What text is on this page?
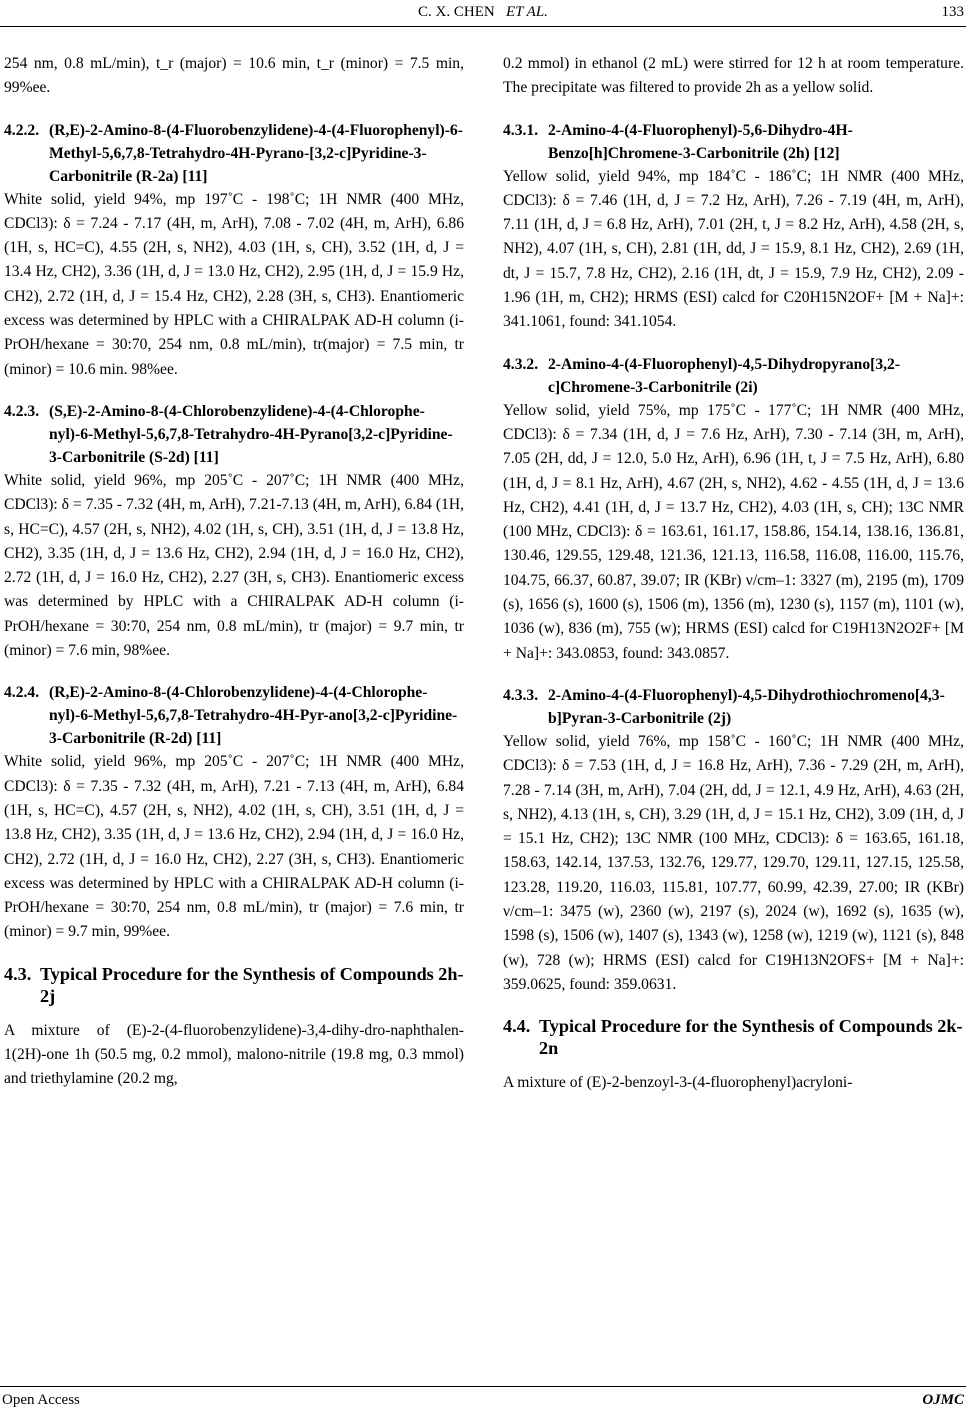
C. X. CHEN ET AL.	133

254 nm, 0.8 mL/min), t_r (major) = 10.6 min, t_r (minor) = 7.5 min, 99%ee.

4.2.2. (R,E)-2-Amino-8-(4-Fluorobenzylidene)-4-(4-Fluorophenyl)-6-Methyl-5,6,7,8-Tetrahydro-4H-Pyrano-[3,2-c]Pyridine-3-Carbonitrile (R-2a) [11]

White solid, yield 94%, mp 197˚C - 198˚C; 1H NMR (400 MHz, CDCl3): δ = 7.24 - 7.17 (4H, m, ArH), 7.08 - 7.02 (4H, m, ArH), 6.86 (1H, s, HC=C), 4.55 (2H, s, NH2), 4.03 (1H, s, CH), 3.52 (1H, d, J = 13.4 Hz, CH2), 3.36 (1H, d, J = 13.0 Hz, CH2), 2.95 (1H, d, J = 15.9 Hz, CH2), 2.72 (1H, d, J = 15.4 Hz, CH2), 2.28 (3H, s, CH3). Enantiomeric excess was determined by HPLC with a CHIRALPAK AD-H column (i-PrOH/hexane = 30:70, 254 nm, 0.8 mL/min), tr(major) = 7.5 min, tr (minor) = 10.6 min. 98%ee.

4.2.3. (S,E)-2-Amino-8-(4-Chlorobenzylidene)-4-(4-Chlorophe-nyl)-6-Methyl-5,6,7,8-Tetrahydro-4H-Pyrano[3,2-c]Pyridine-3-Carbonitrile (S-2d) [11]

White solid, yield 96%, mp 205˚C - 207˚C; 1H NMR (400 MHz, CDCl3): δ = 7.35 - 7.32 (4H, m, ArH), 7.21-7.13 (4H, m, ArH), 6.84 (1H, s, HC=C), 4.57 (2H, s, NH2), 4.02 (1H, s, CH), 3.51 (1H, d, J = 13.8 Hz, CH2), 3.35 (1H, d, J = 13.6 Hz, CH2), 2.94 (1H, d, J = 16.0 Hz, CH2), 2.72 (1H, d, J = 16.0 Hz, CH2), 2.27 (3H, s, CH3). Enantiomeric excess was determined by HPLC with a CHIRALPAK AD-H column (i-PrOH/hexane = 30:70, 254 nm, 0.8 mL/min), tr (major) = 9.7 min, tr (minor) = 7.6 min, 98%ee.

4.2.4. (R,E)-2-Amino-8-(4-Chlorobenzylidene)-4-(4-Chlorophe-nyl)-6-Methyl-5,6,7,8-Tetrahydro-4H-Pyr-ano[3,2-c]Pyridine-3-Carbonitrile (R-2d) [11]

White solid, yield 96%, mp 205˚C - 207˚C; 1H NMR (400 MHz, CDCl3): δ = 7.35 - 7.32 (4H, m, ArH), 7.21 - 7.13 (4H, m, ArH), 6.84 (1H, s, HC=C), 4.57 (2H, s, NH2), 4.02 (1H, s, CH), 3.51 (1H, d, J = 13.8 Hz, CH2), 3.35 (1H, d, J = 13.6 Hz, CH2), 2.94 (1H, d, J = 16.0 Hz, CH2), 2.72 (1H, d, J = 16.0 Hz, CH2), 2.27 (3H, s, CH3). Enantiomeric excess was determined by HPLC with a CHIRALPAK AD-H column (i-PrOH/hexane = 30:70, 254 nm, 0.8 mL/min), tr (major) = 7.6 min, tr (minor) = 9.7 min, 99%ee.

4.3. Typical Procedure for the Synthesis of Compounds 2h-2j

A mixture of (E)-2-(4-fluorobenzylidene)-3,4-dihy-dro-naphthalen-1(2H)-one 1h (50.5 mg, 0.2 mmol), malono-nitrile (19.8 mg, 0.3 mmol) and triethylamine (20.2 mg,

0.2 mmol) in ethanol (2 mL) were stirred for 12 h at room temperature. The precipitate was filtered to provide 2h as a yellow solid.

4.3.1. 2-Amino-4-(4-Fluorophenyl)-5,6-Dihydro-4H-Benzo[h]Chromene-3-Carbonitrile (2h) [12]

Yellow solid, yield 94%, mp 184˚C - 186˚C; 1H NMR (400 MHz, CDCl3): δ = 7.46 (1H, d, J = 7.2 Hz, ArH), 7.26 - 7.19 (4H, m, ArH), 7.11 (1H, d, J = 6.8 Hz, ArH), 7.01 (2H, t, J = 8.2 Hz, ArH), 4.58 (2H, s, NH2), 4.07 (1H, s, CH), 2.81 (1H, dd, J = 15.9, 8.1 Hz, CH2), 2.69 (1H, dt, J = 15.7, 7.8 Hz, CH2), 2.16 (1H, dt, J = 15.9, 7.9 Hz, CH2), 2.09 - 1.96 (1H, m, CH2); HRMS (ESI) calcd for C20H15N2OF+ [M + Na]+: 341.1061, found: 341.1054.

4.3.2. 2-Amino-4-(4-Fluorophenyl)-4,5-Dihydropyrano[3,2-c]Chromene-3-Carbonitrile (2i)

Yellow solid, yield 75%, mp 175˚C - 177˚C; 1H NMR (400 MHz, CDCl3): δ = 7.34 (1H, d, J = 7.6 Hz, ArH), 7.30 - 7.14 (3H, m, ArH), 7.05 (2H, dd, J = 12.0, 5.0 Hz, ArH), 6.96 (1H, t, J = 7.5 Hz, ArH), 6.80 (1H, d, J = 8.1 Hz, ArH), 4.67 (2H, s, NH2), 4.62 - 4.55 (1H, d, J = 13.6 Hz, CH2), 4.41 (1H, d, J = 13.7 Hz, CH2), 4.03 (1H, s, CH); 13C NMR (100 MHz, CDCl3): δ = 163.61, 161.17, 158.86, 154.14, 138.16, 136.81, 130.46, 129.55, 129.48, 121.36, 121.13, 116.58, 116.08, 116.00, 115.76, 104.75, 66.37, 60.87, 39.07; IR (KBr) ν/cm–1: 3327 (m), 2195 (m), 1709 (s), 1656 (s), 1600 (s), 1506 (m), 1356 (m), 1230 (s), 1157 (m), 1101 (w), 1036 (w), 836 (m), 755 (w); HRMS (ESI) calcd for C19H13N2O2F+ [M + Na]+: 343.0853, found: 343.0857.

4.3.3. 2-Amino-4-(4-Fluorophenyl)-4,5-Dihydrothiochromeno[4,3-b]Pyran-3-Carbonitrile (2j)

Yellow solid, yield 76%, mp 158˚C - 160˚C; 1H NMR (400 MHz, CDCl3): δ = 7.53 (1H, d, J = 16.8 Hz, ArH), 7.36 - 7.29 (2H, m, ArH), 7.28 - 7.14 (3H, m, ArH), 7.04 (2H, dd, J = 12.1, 4.9 Hz, ArH), 4.63 (2H, s, NH2), 4.13 (1H, s, CH), 3.29 (1H, d, J = 15.1 Hz, CH2), 3.09 (1H, d, J = 15.1 Hz, CH2); 13C NMR (100 MHz, CDCl3): δ = 163.65, 161.18, 158.63, 142.14, 137.53, 132.76, 129.77, 129.70, 129.11, 127.15, 125.58, 123.28, 119.20, 116.03, 115.81, 107.77, 60.99, 42.39, 27.00; IR (KBr) ν/cm–1: 3475 (w), 2360 (w), 2197 (s), 2024 (w), 1692 (s), 1635 (w), 1598 (s), 1506 (w), 1407 (s), 1343 (w), 1258 (w), 1219 (w), 1121 (s), 848 (w), 728 (w); HRMS (ESI) calcd for C19H13N2OFS+ [M + Na]+: 359.0625, found: 359.0631.

4.4. Typical Procedure for the Synthesis of Compounds 2k-2n

A mixture of (E)-2-benzoyl-3-(4-fluorophenyl)acryloni-

Open Access	OJMC
